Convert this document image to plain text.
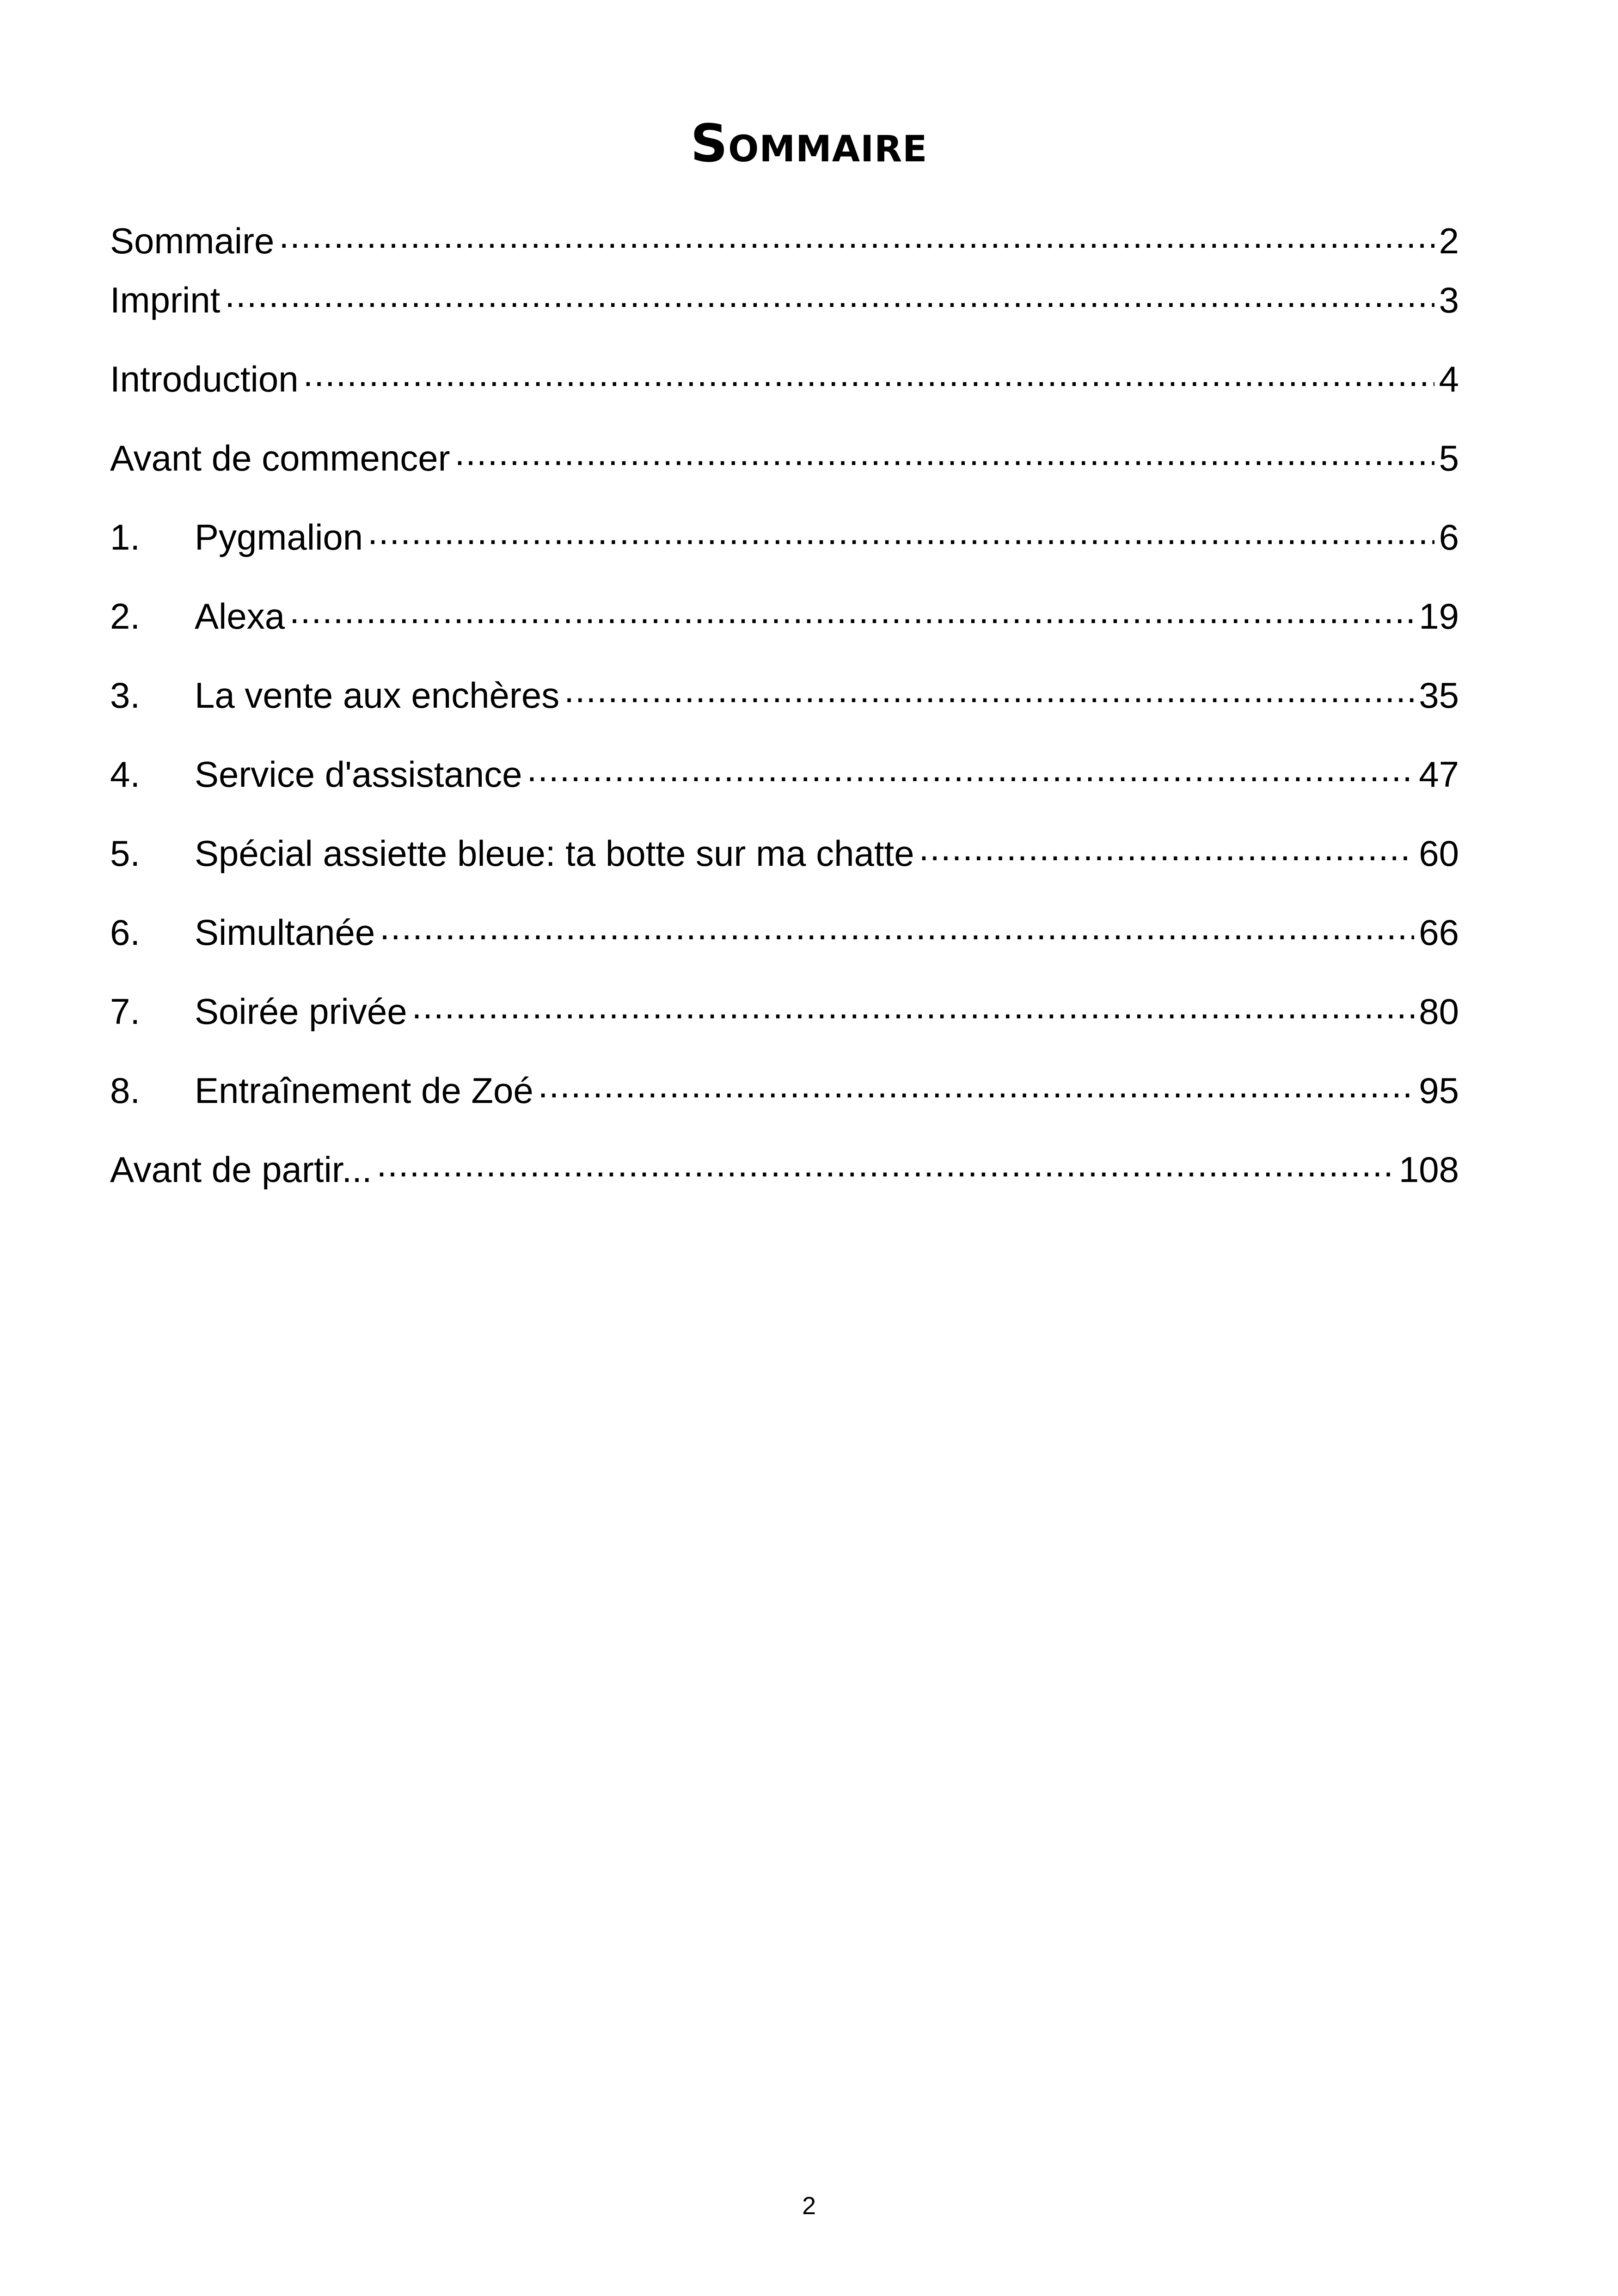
Sommaire
Sommaire .....	2
Imprint .....	3
Introduction .....	4
Avant de commencer .....	5
1.	Pygmalion .....	6
2.	Alexa .....	19
3.	La vente aux enchères .....	35
4.	Service d'assistance .....	47
5.	Spécial assiette bleue: ta botte sur ma chatte .....	60
6.	Simultanée .....	66
7.	Soirée privée .....	80
8.	Entraînement de Zoé .....	95
Avant de partir... .....	108
2
